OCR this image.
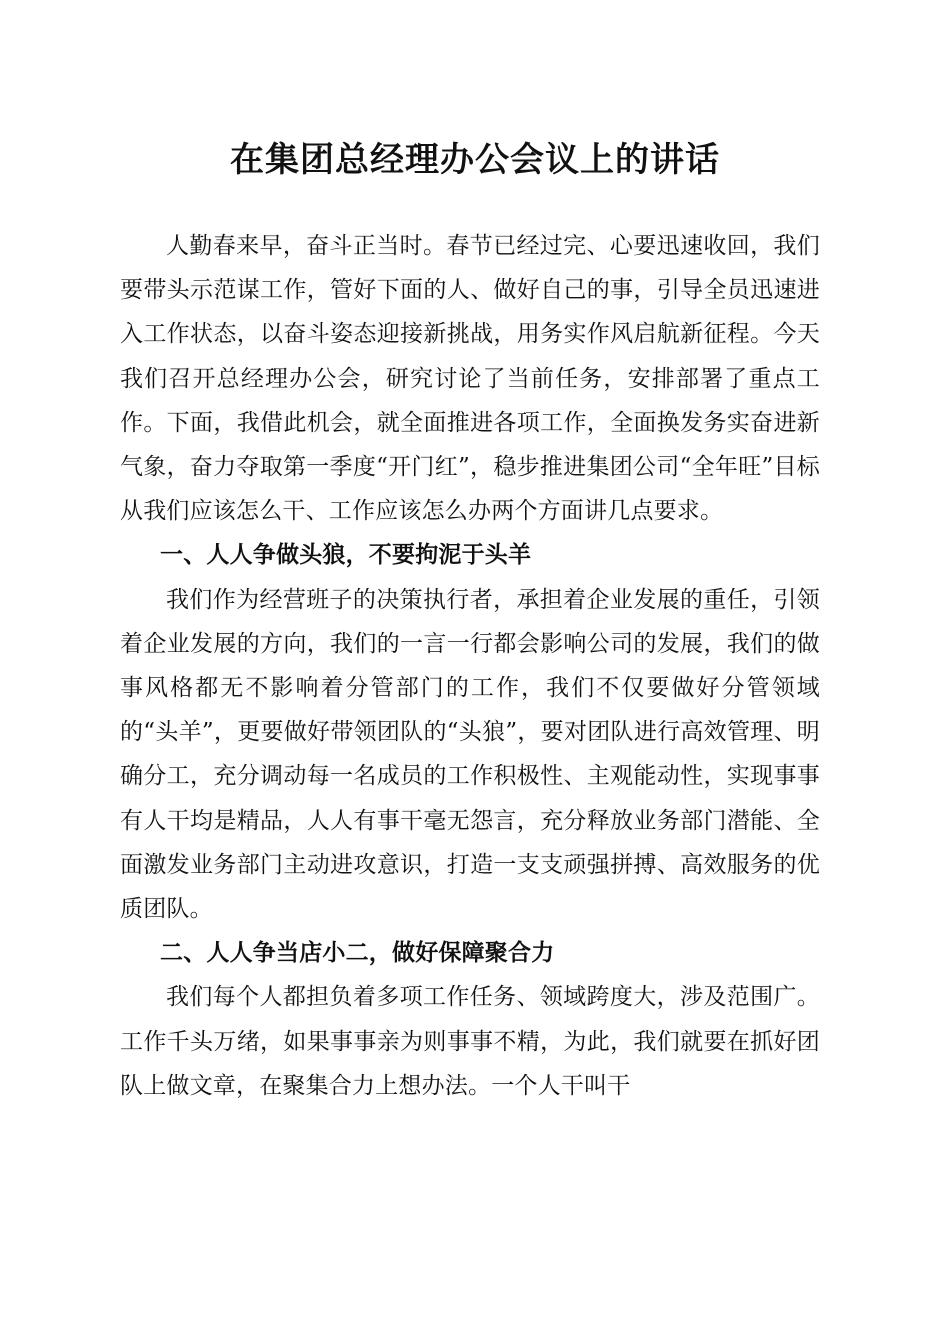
在集团总经理办公会议上的讲话

人勤春来早，奋斗正当时。春节已经过完、心要迅速收回，我们要带头示范谋工作，管好下面的人、做好自己的事，引导全员迅速进入工作状态，以奋斗姿态迎接新挑战，用务实作风启航新征程。今天我们召开总经理办公会，研究讨论了当前任务，安排部署了重点工作。下面，我借此机会，就全面推进各项工作，全面换发务实奋进新气象，奋力夺取第一季度“开门红”，稳步推进集团公司“全年旺”目标从我们应该怎么干、工作应该怎么办两个方面讲几点要求。

一、人人争做头狼，不要拘泥于头羊

我们作为经营班子的决策执行者，承担着企业发展的重任，引领着企业发展的方向，我们的一言一行都会影响公司的发展，我们的做事风格都无不影响着分管部门的工作，我们不仅要做好分管领域的“头羊”，更要做好带领团队的“头狼”，要对团队进行高效管理、明确分工，充分调动每一名成员的工作积极性、主观能动性，实现事事有人干均是精品，人人有事干毫无怨言，充分释放业务部门潜能、全面激发业务部门主动进攻意识，打造一支支顽强拼搏、高效服务的优质团队。

二、人人争当店小二，做好保障聚合力

我们每个人都担负着多项工作任务、领域跨度大，涉及范围广。工作千头万绪，如果事事亲为则事事不精，为此，我们就要在抓好团队上做文章，在聚集合力上想办法。一个人干叫干
